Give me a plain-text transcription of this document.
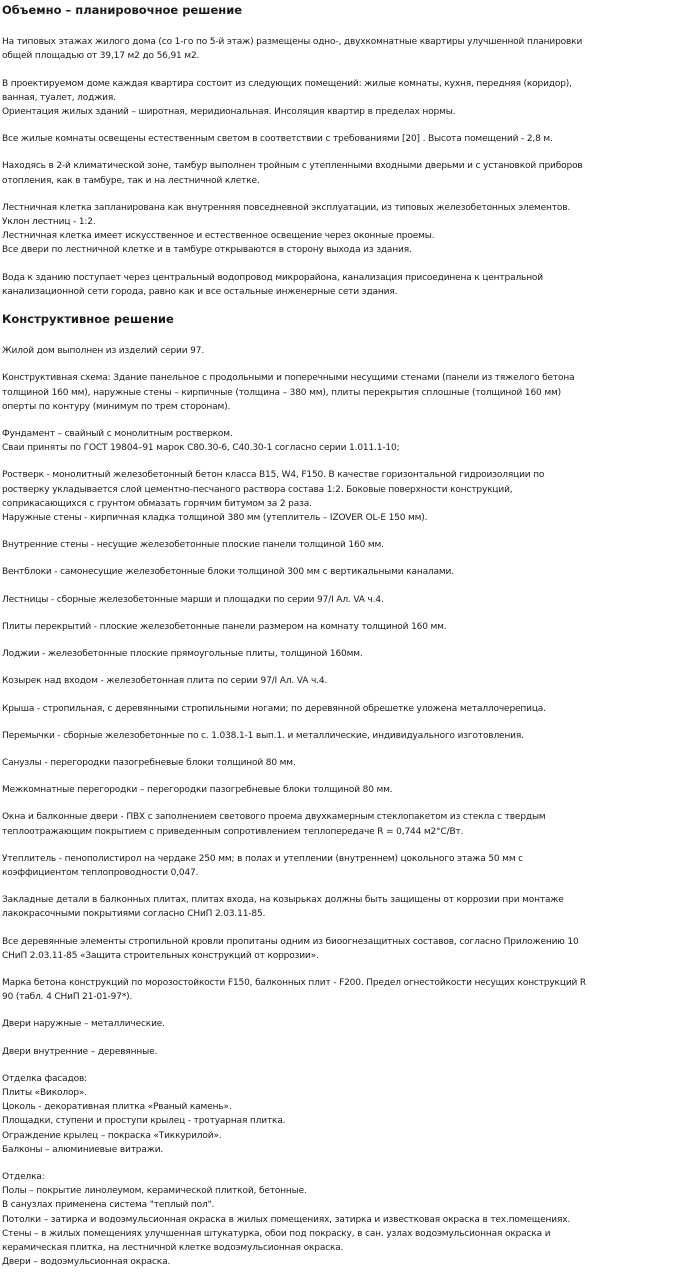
Объемно – планировочное решение
На типовых этажах жилого дома (со 1-го по 5-й этаж) размещены одно-, двухкомнатные квартиры улучшенной планировки
общей площадью от 39,17 м2 до 56,91 м2.
В проектируемом доме каждая квартира состоит из следующих помещений: жилые комнаты, кухня, передняя (коридор),
ванная, туалет, лоджия.
Ориентация жилых зданий – широтная, меридиональная. Инсоляция квартир в пределах нормы.
Все жилые комнаты освещены естественным светом в соответствии с требованиями [20] . Высота помещений - 2,8 м.
Находясь в 2-й климатической зоне, тамбур выполнен тройным с утепленными входными дверьми и с установкой приборов
отопления, как в тамбуре, так и на лестничной клетке.
Лестничная клетка запланирована как внутренняя повседневной эксплуатации, из типовых железобетонных элементов.
Уклон лестниц - 1:2.
Лестничная клетка имеет искусственное и естественное освещение через оконные проемы.
Все двери по лестничной клетке и в тамбуре открываются в сторону выхода из здания.
Вода к зданию поступает через центральный водопровод микрорайона, канализация присоединена к центральной
канализационной сети города, равно как и все остальные инженерные сети здания.
Конструктивное решение
Жилой дом выполнен из изделий серии 97.
Конструктивная схема: Здание панельное с продольными и поперечными несущими стенами (панели из тяжелого бетона
толщиной 160 мм), наружные стены – кирпичные (толщина – 380 мм), плиты перекрытия сплошные (толщиной 160 мм)
оперты по контуру (минимум по трем сторонам).
Фундамент – свайный с монолитным ростверком.
Сваи приняты по ГОСТ 19804–91 марок С80.30-6, С40.30-1 согласно серии 1.011.1-10;
Ростверк - монолитный железобетонный бетон класса B15, W4, F150. В качестве горизонтальной гидроизоляции по
ростверку укладывается слой цементно-песчаного раствора состава 1:2. Боковые поверхности конструкций,
соприкасающихся с грунтом обмазать горячим битумом за 2 раза.
Наружные стены - кирпичная кладка толщиной 380 мм (утеплитель – IZOVER OL-E 150 мм).
Внутренние стены - несущие железобетонные плоские панели толщиной 160 мм.
Вентблоки - самонесущие железобетонные блоки толщиной 300 мм с вертикальными каналами.
Лестницы - сборные железобетонные марши и площадки по серии 97/I Ал. VA ч.4.
Плиты перекрытий - плоские железобетонные панели размером на комнату толщиной 160 мм.
Лоджии - железобетонные плоские прямоугольные плиты, толщиной 160мм.
Козырек над входом - железобетонная плита по серии 97/I Ал. VA ч.4.
Крыша - стропильная, с деревянными стропильными ногами; по деревянной обрешетке уложена металлочерепица.
Перемычки - сборные железобетонные по с. 1.038.1-1 вып.1. и металлические, индивидуального изготовления.
Санузлы - перегородки пазогребневые блоки толщиной 80 мм.
Межкомнатные перегородки – перегородки пазогребневые блоки толщиной 80 мм.
Окна и балконные двери - ПВХ с заполнением светового проема двухкамерным стеклопакетом из стекла с твердым
теплоотражающим покрытием с приведенным сопротивлением теплопередаче R = 0,744 м2°С/Вт.
Утеплитель - пенополистирол на чердаке 250 мм; в полах и утеплении (внутреннем) цокольного этажа 50 мм с
коэффициентом теплопроводности 0,047.
Закладные детали в балконных плитах, плитах входа, на козырьках должны быть защищены от коррозии при монтаже
лакокрасочными покрытиями согласно СНиП 2.03.11-85.
Все деревянные элементы стропильной кровли пропитаны одним из биоогнезащитных составов, согласно Приложению 10
СНиП 2.03.11-85 «Защита строительных конструкций от коррозии».
Марка бетона конструкций по морозостойкости F150, балконных плит - F200. Предел огнестойкости несущих конструкций R
90 (табл. 4 СНиП 21-01-97*).
Двери наружные – металлические.
Двери внутренние – деревянные.
Отделка фасадов:
Плиты «Виколор».
Цоколь - декоративная плитка «Рваный камень».
Площадки, ступени и проступи крылец - тротуарная плитка.
Ограждение крылец – покраска «Тиккурилой».
Балконы – алюминиевые витражи.
Отделка:
Полы – покрытие линолеумом, керамической плиткой, бетонные.
В санузлах применена система "теплый пол".
Потолки – затирка и водоэмульсионная окраска в жилых помещениях, затирка и известковая окраска в тех.помещениях.
Стены – в жилых помещениях улучшенная штукатурка, обои под покраску, в сан. узлах водоэмульсионная окраска и
керамическая плитка, на лестничной клетке водоэмульсионная окраска.
Двери – водоэмульсионная окраска.
